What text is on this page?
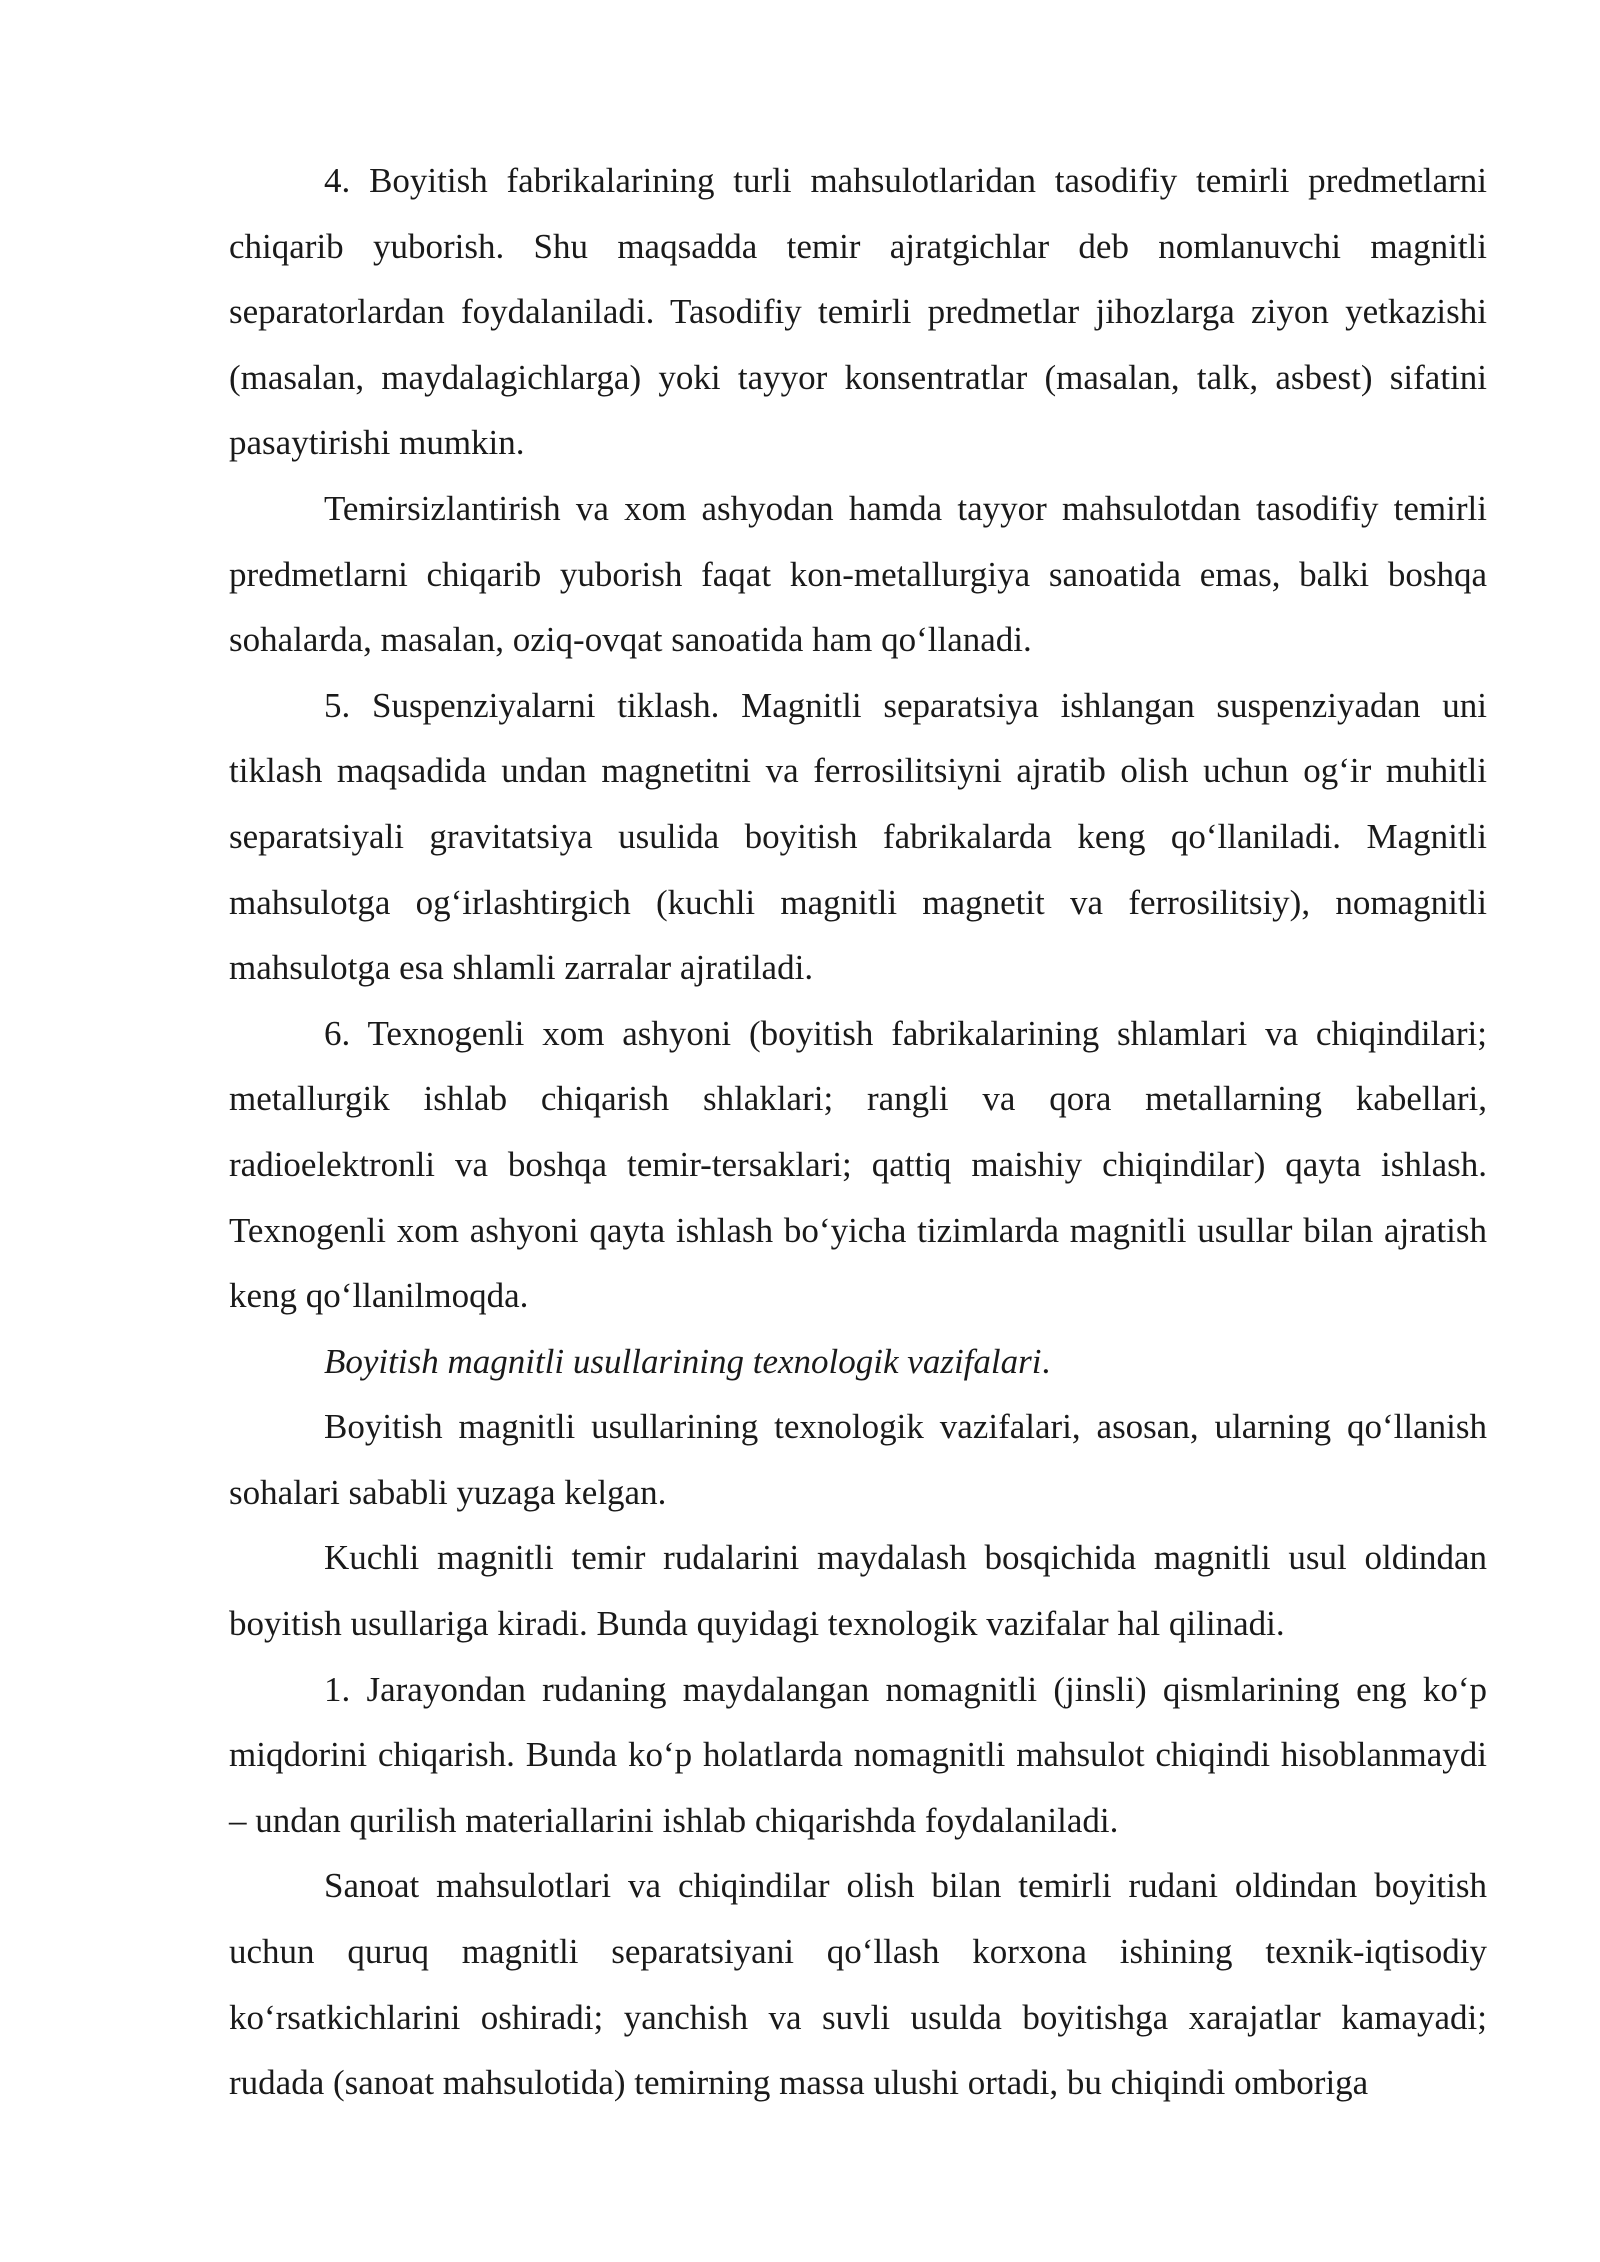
4. Boyitish fabrikalarining turli mahsulotlaridan tasodifiy temirli predmetlarni chiqarib yuborish. Shu maqsadda temir ajratgichlar deb nomlanuvchi magnitli separatorlardan foydalaniladi. Tasodifiy temirli predmetlar jihozlarga ziyon yetkazishi (masalan, maydalagichlarga) yoki tayyor konsentratlar (masalan, talk, asbest) sifatini pasaytirishi mumkin.

Temirsizlantirish va xom ashyodan hamda tayyor mahsulotdan tasodifiy temirli predmetlarni chiqarib yuborish faqat kon-metallurgiya sanoatida emas, balki boshqa sohalarda, masalan, oziq-ovqat sanoatida ham qo‘llanadi.

5. Suspenziyalarni tiklash. Magnitli separatsiya ishlangan suspenziyadan uni tiklash maqsadida undan magnetitni va ferrosilitsiyni ajratib olish uchun og‘ir muhitli separatsiyali gravitatsiya usulida boyitish fabrikalarda keng qo‘llaniladi. Magnitli mahsulotga og‘irlashtirgich (kuchli magnitli magnetit va ferrosilitsiy), nomagnitli mahsulotga esa shlamli zarralar ajratiladi.

6. Texnogenli xom ashyoni (boyitish fabrikalarining shlamlari va chiqindilari; metallurgik ishlab chiqarish shlaklari; rangli va qora metallarning kabellari, radioelektronli va boshqa temir-tersaklari; qattiq maishiy chiqindilar) qayta ishlash. Texnogenli xom ashyoni qayta ishlash bo‘yicha tizimlarda magnitli usullar bilan ajratish keng qo‘llanilmoqda.

Boyitish magnitli usullarining texnologik vazifalari.

Boyitish magnitli usullarining texnologik vazifalari, asosan, ularning qo‘llanish sohalari sababli yuzaga kelgan.

Kuchli magnitli temir rudalarini maydalash bosqichida magnitli usul oldindan boyitish usullariga kiradi. Bunda quyidagi texnologik vazifalar hal qilinadi.

1. Jarayondan rudaning maydalangan nomagnitli (jinsli) qismlarining eng ko‘p miqdorini chiqarish. Bunda ko‘p holatlarda nomagnitli mahsulot chiqindi hisoblanmaydi – undan qurilish materiallarini ishlab chiqarishda foydalaniladi.

Sanoat mahsulotlari va chiqindilar olish bilan temirli rudani oldindan boyitish uchun quruq magnitli separatsiyani qo‘llash korxona ishining texnik-iqtisodiy ko‘rsatkichlarini oshiradi; yanchish va suvli usulda boyitishga xarajatlar kamayadi; rudada (sanoat mahsulotida) temirning massa ulushi ortadi, bu chiqindi omboriga
